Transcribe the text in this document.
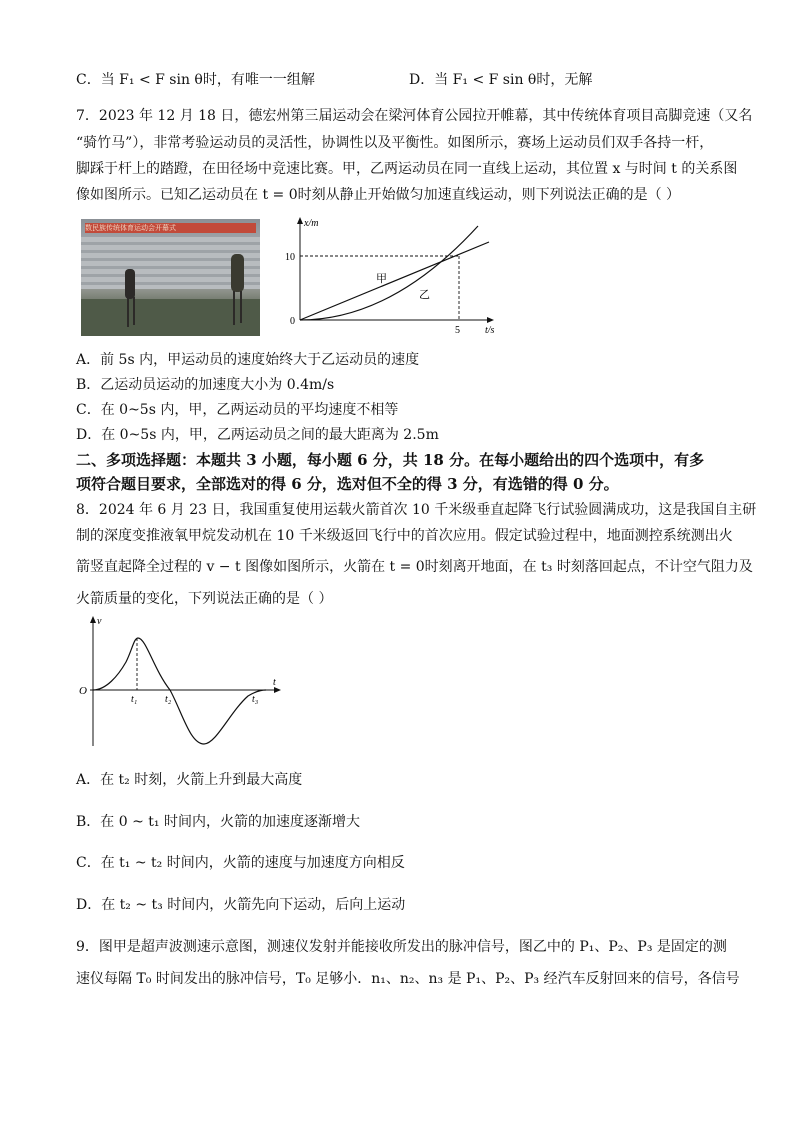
C．当 F₁ < F sin θ时，有唯一一组解	D．当 F₁ < F sin θ时，无解
7．2023 年 12 月 18 日，德宏州第三届运动会在梁河体育公园拉开帷幕，其中传统体育项目高脚竞速（又名
“骑竹马”），非常考验运动员的灵活性，协调性以及平衡性。如图所示，赛场上运动员们双手各持一杆，
脚踩于杆上的踏蹬，在田径场中竞速比赛。甲，乙两运动员在同一直线上运动，其位置 x 与时间 t 的关系图
像如图所示。已知乙运动员在 t = 0时刻从静止开始做匀加速直线运动，则下列说法正确的是（ ）
数民族传统体育运动会开幕式	x/m
t/s
0
10
5
甲
乙
A．前 5s 内，甲运动员的速度始终大于乙运动员的速度
B．乙运动员运动的加速度大小为 0.4m/s
C．在 0~5s 内，甲，乙两运动员的平均速度不相等
D．在 0~5s 内，甲，乙两运动员之间的最大距离为 2.5m
二、多项选择题：本题共 3 小题，每小题 6 分，共 18 分。在每小题给出的四个选项中，有多
项符合题目要求，全部选对的得 6 分，选对但不全的得 3 分，有选错的得 0 分。
8．2024 年 6 月 23 日，我国重复使用运载火箭首次 10 千米级垂直起降飞行试验圆满成功，这是我国自主研
制的深度变推液氧甲烷发动机在 10 千米级返回飞行中的首次应用。假定试验过程中，地面测控系统测出火
箭竖直起降全过程的 v − t 图像如图所示，火箭在 t = 0时刻离开地面，在 t₃ 时刻落回起点，不计空气阻力及
火箭质量的变化，下列说法正确的是（ ）
v
t
O
t₁	t₂	t₃
A．在 t₂ 时刻，火箭上升到最大高度
B．在 0 ~ t₁ 时间内，火箭的加速度逐渐增大
C．在 t₁ ~ t₂ 时间内，火箭的速度与加速度方向相反
D．在 t₂ ~ t₃ 时间内，火箭先向下运动，后向上运动
9．图甲是超声波测速示意图，测速仪发射并能接收所发出的脉冲信号，图乙中的 P₁、P₂、P₃ 是固定的测
速仪每隔 T₀ 时间发出的脉冲信号，T₀ 足够小．n₁、n₂、n₃ 是 P₁、P₂、P₃ 经汽车反射回来的信号，各信号
